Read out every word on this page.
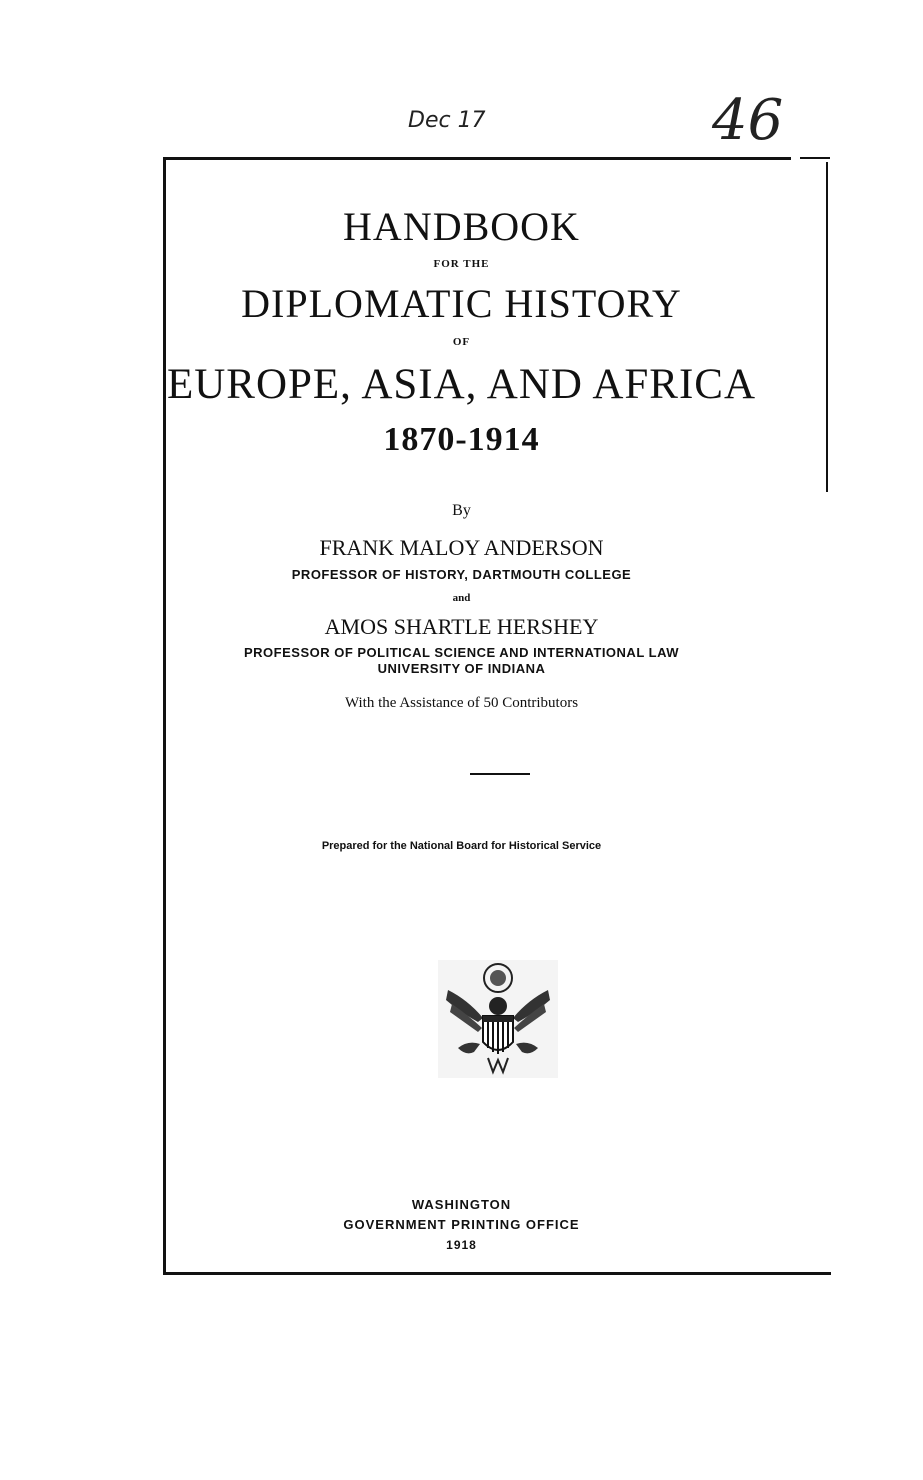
Dec 17	46
HANDBOOK
FOR THE
DIPLOMATIC HISTORY
OF
EUROPE, ASIA, AND AFRICA
1870-1914
By
FRANK MALOY ANDERSON
PROFESSOR OF HISTORY, DARTMOUTH COLLEGE
and
AMOS SHARTLE HERSHEY
PROFESSOR OF POLITICAL SCIENCE AND INTERNATIONAL LAW
UNIVERSITY OF INDIANA
With the Assistance of 50 Contributors
Prepared for the National Board for Historical Service
WASHINGTON
GOVERNMENT PRINTING OFFICE
1918
